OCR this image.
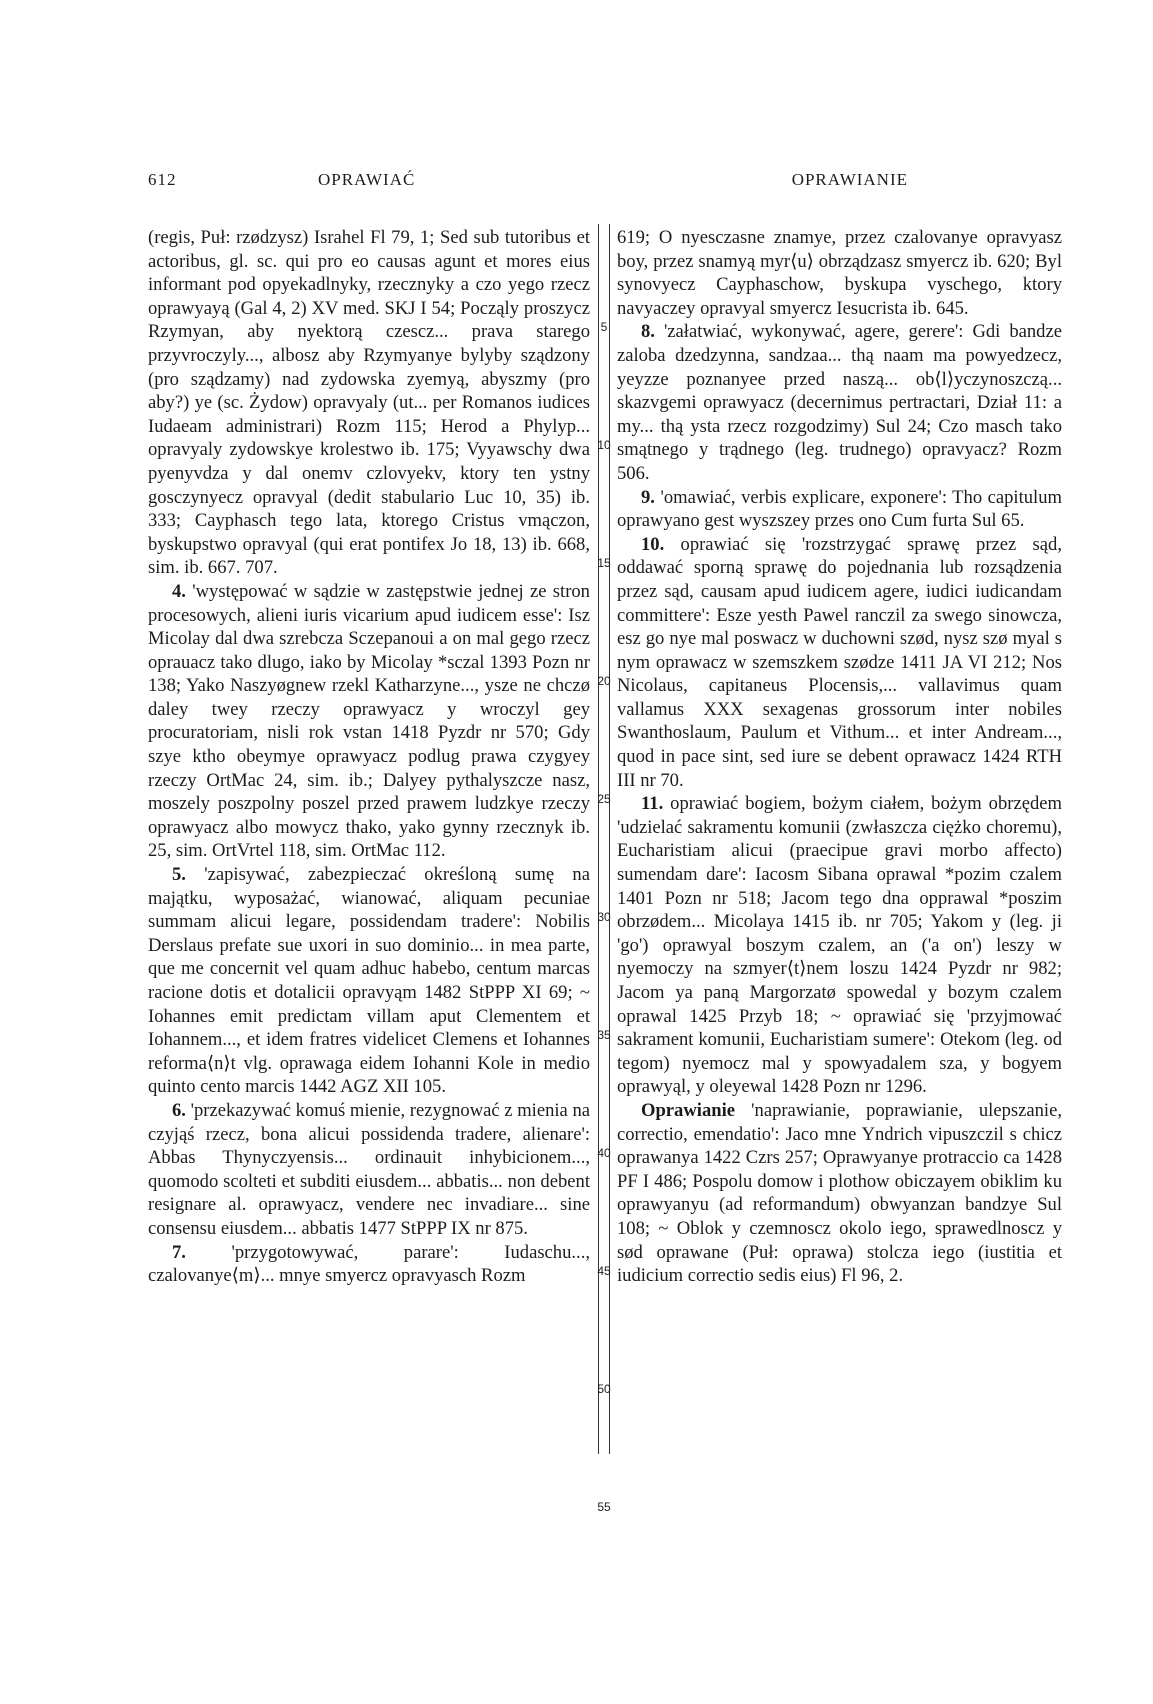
612	OPRAWIAĆ	OPRAWIANIE
5
10
15
20
25
30
35
40
45
50
55

(regis, Puł: rzødzysz) Israhel Fl 79, 1; Sed sub tutoribus et actoribus, gl. sc. qui pro eo causas agunt et mores eius informant pod opyekadlnyky, rzecznyky a czo yego rzecz oprawyayą (Gal 4, 2) XV med. SKJ I 54; Począly proszycz Rzymyan, aby nyektorą czescz... prava starego przyvroczyly..., albosz aby Rzymyanye bylyby sządzony (pro sządzamy) nad zydowska zyemyą, abyszmy (pro aby?) ye (sc. Żydow) opravyaly (ut... per Romanos iudices Iudaeam administrari) Rozm 115; Herod a Phylyp... opravyaly zydowskye krolestwo ib. 175; Vyyawschy dwa pyenyvdza y dal onemv czlovyekv, ktory ten ystny gosczynyecz opravyal (dedit stabulario Luc 10, 35) ib. 333; Cayphasch tego lata, ktorego Cristus vmączon, byskupstwo opravyal (qui erat pontifex Jo 18, 13) ib. 668, sim. ib. 667. 707.

4. 'występować w sądzie w zastępstwie jednej ze stron procesowych, alieni iuris vicarium apud iudicem esse': Isz Micolay dal dwa szrebcza Sczepanoui a on mal gego rzecz oprauacz tako dlugo, iako by Micolay *sczal 1393 Pozn nr 138; Yako Naszyøgnew rzekl Katharzyne..., ysze ne chczø daley twey rzeczy oprawyacz y wroczyl gey procuratoriam, nisli rok vstan 1418 Pyzdr nr 570; Gdy szye ktho obeymye oprawyacz podlug prawa czygyey rzeczy OrtMac 24, sim. ib.; Dalyey pythalyszcze nasz, moszely poszpolny poszel przed prawem ludzkye rzeczy oprawyacz albo mowycz thako, yako gynny rzecznyk ib. 25, sim. OrtVrtel 118, sim. OrtMac 112.

5. 'zapisywać, zabezpieczać określoną sumę na majątku, wyposażać, wianować, aliquam pecuniae summam alicui legare, possidendam tradere': Nobilis Derslaus prefate sue uxori in suo dominio... in mea parte, que me concernit vel quam adhuc habebo, centum marcas racione dotis et dotalicii opravyąm 1482 StPPP XI 69; ~ Iohannes emit predictam villam aput Clementem et Iohannem..., et idem fratres videlicet Clemens et Iohannes reforma⟨n⟩t vlg. oprawaga eidem Iohanni Kole in medio quinto cento marcis 1442 AGZ XII 105.

6. 'przekazywać komuś mienie, rezygnować z mienia na czyjąś rzecz, bona alicui possidenda tradere, alienare': Abbas Thynyczyensis... ordinauit inhybicionem..., quomodo scolteti et subditi eiusdem... abbatis... non debent resignare al. oprawyacz, vendere nec invadiare... sine consensu eiusdem... abbatis 1477 StPPP IX nr 875.

7. 'przygotowywać, parare': Iudaschu..., czalovanye⟨m⟩... mnye smyercz opravyasch Rozm

619; O nyesczasne znamye, przez czalovanye opravyasz boy, przez snamyą myr⟨u⟩ obrządzasz smyercz ib. 620; Byl synovyecz Cayphaschow, byskupa vyschego, ktory navyaczey opravyal smyercz Iesucrista ib. 645.

8. 'załatwiać, wykonywać, agere, gerere': Gdi bandze zaloba dzedzynna, sandzaa... thą naam ma powyedzecz, yeyzze poznanyee przed naszą... ob⟨l⟩yczynoszczą... skazvgemi oprawyacz (decernimus pertractari, Dział 11: a my... thą ysta rzecz rozgodzimy) Sul 24; Czo masch tako smątnego y trądnego (leg. trudnego) opravyacz? Rozm 506.

9. 'omawiać, verbis explicare, exponere': Tho capitulum oprawyano gest wyszszey przes ono Cum furta Sul 65.

10. oprawiać się 'rozstrzygać sprawę przez sąd, oddawać sporną sprawę do pojednania lub rozsądzenia przez sąd, causam apud iudicem agere, iudici iudicandam committere': Esze yesth Pawel ranczil za swego sinowcza, esz go nye mal poswacz w duchowni szød, nysz szø myal s nym oprawacz w szemszkem szødze 1411 JA VI 212; Nos Nicolaus, capitaneus Plocensis,... vallavimus quam vallamus XXX sexagenas grossorum inter nobiles Swanthoslaum, Paulum et Vithum... et inter Andream..., quod in pace sint, sed iure se debent oprawacz 1424 RTH III nr 70.

11. oprawiać bogiem, bożym ciałem, bożym obrzędem 'udzielać sakramentu komunii (zwłaszcza ciężko choremu), Eucharistiam alicui (praecipue gravi morbo affecto) sumendam dare': Iacosm Sibana oprawal *pozim czalem 1401 Pozn nr 518; Jacom tego dna opprawal *poszim obrzødem... Micolaya 1415 ib. nr 705; Yakom y (leg. ji 'go') oprawyal boszym czalem, an ('a on') leszy w nyemoczy na szmyer⟨t⟩nem loszu 1424 Pyzdr nr 982; Jacom ya paną Margorzatø spowedal y bozym czalem oprawal 1425 Przyb 18; ~ oprawiać się 'przyjmować sakrament komunii, Eucharistiam sumere': Otekom (leg. od tegom) nyemocz mal y spowyadalem sza, y bogyem oprawyąl, y oleyewal 1428 Pozn nr 1296.

Oprawianie 'naprawianie, poprawianie, ulepszanie, correctio, emendatio': Jaco mne Yndrich vipuszczil s chicz oprawanya 1422 Czrs 257; Oprawyanye protraccio ca 1428 PF I 486; Pospolu domow i plothow obiczayem obiklim ku oprawyanyu (ad reformandum) obwyanzan bandzye Sul 108; ~ Oblok y czemnoscz okolo iego, sprawedlnoscz y sød oprawane (Puł: oprawa) stolcza iego (iustitia et iudicium correctio sedis eius) Fl 96, 2.
